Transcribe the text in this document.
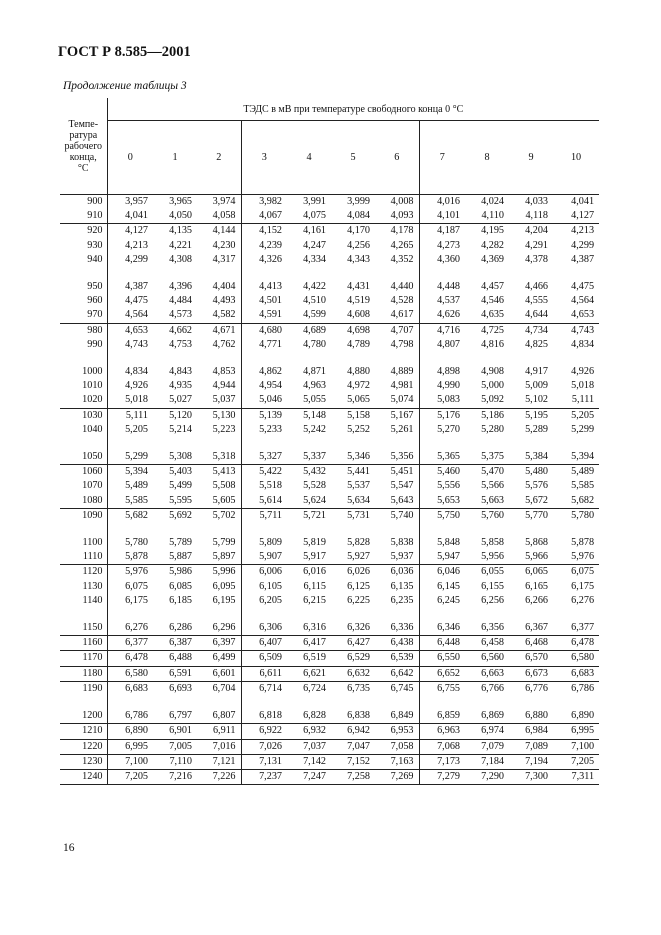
ГОСТ Р 8.585—2001
Продолжение таблицы 3
Темпе-
ратура
рабочего
конца,
°С	ТЭДС в мВ при температуре свободного конца 0 °С										
	0	1	2	3	4	5	6	7	8	9	10
900	3,957	3,965	3,974	3,982	3,991	3,999	4,008	4,016	4,024	4,033	4,041
910	4,041	4,050	4,058	4,067	4,075	4,084	4,093	4,101	4,110	4,118	4,127
920	4,127	4,135	4,144	4,152	4,161	4,170	4,178	4,187	4,195	4,204	4,213
930	4,213	4,221	4,230	4,239	4,247	4,256	4,265	4,273	4,282	4,291	4,299
940	4,299	4,308	4,317	4,326	4,334	4,343	4,352	4,360	4,369	4,378	4,387

950	4,387	4,396	4,404	4,413	4,422	4,431	4,440	4,448	4,457	4,466	4,475
960	4,475	4,484	4,493	4,501	4,510	4,519	4,528	4,537	4,546	4,555	4,564
970	4,564	4,573	4,582	4,591	4,599	4,608	4,617	4,626	4,635	4,644	4,653
980	4,653	4,662	4,671	4,680	4,689	4,698	4,707	4,716	4,725	4,734	4,743
990	4,743	4,753	4,762	4,771	4,780	4,789	4,798	4,807	4,816	4,825	4,834

1000	4,834	4,843	4,853	4,862	4,871	4,880	4,889	4,898	4,908	4,917	4,926
1010	4,926	4,935	4,944	4,954	4,963	4,972	4,981	4,990	5,000	5,009	5,018
1020	5,018	5,027	5,037	5,046	5,055	5,065	5,074	5,083	5,092	5,102	5,111
1030	5,111	5,120	5,130	5,139	5,148	5,158	5,167	5,176	5,186	5,195	5,205
1040	5,205	5,214	5,223	5,233	5,242	5,252	5,261	5,270	5,280	5,289	5,299

1050	5,299	5,308	5,318	5,327	5,337	5,346	5,356	5,365	5,375	5,384	5,394
1060	5,394	5,403	5,413	5,422	5,432	5,441	5,451	5,460	5,470	5,480	5,489
1070	5,489	5,499	5,508	5,518	5,528	5,537	5,547	5,556	5,566	5,576	5,585
1080	5,585	5,595	5,605	5,614	5,624	5,634	5,643	5,653	5,663	5,672	5,682
1090	5,682	5,692	5,702	5,711	5,721	5,731	5,740	5,750	5,760	5,770	5,780

1100	5,780	5,789	5,799	5,809	5,819	5,828	5,838	5,848	5,858	5,868	5,878
1110	5,878	5,887	5,897	5,907	5,917	5,927	5,937	5,947	5,956	5,966	5,976
1120	5,976	5,986	5,996	6,006	6,016	6,026	6,036	6,046	6,055	6,065	6,075
1130	6,075	6,085	6,095	6,105	6,115	6,125	6,135	6,145	6,155	6,165	6,175
1140	6,175	6,185	6,195	6,205	6,215	6,225	6,235	6,245	6,256	6,266	6,276

1150	6,276	6,286	6,296	6,306	6,316	6,326	6,336	6,346	6,356	6,367	6,377
1160	6,377	6,387	6,397	6,407	6,417	6,427	6,438	6,448	6,458	6,468	6,478
1170	6,478	6,488	6,499	6,509	6,519	6,529	6,539	6,550	6,560	6,570	6,580
1180	6,580	6,591	6,601	6,611	6,621	6,632	6,642	6,652	6,663	6,673	6,683
1190	6,683	6,693	6,704	6,714	6,724	6,735	6,745	6,755	6,766	6,776	6,786

1200	6,786	6,797	6,807	6,818	6,828	6,838	6,849	6,859	6,869	6,880	6,890
1210	6,890	6,901	6,911	6,922	6,932	6,942	6,953	6,963	6,974	6,984	6,995
1220	6,995	7,005	7,016	7,026	7,037	7,047	7,058	7,068	7,079	7,089	7,100
1230	7,100	7,110	7,121	7,131	7,142	7,152	7,163	7,173	7,184	7,194	7,205
1240	7,205	7,216	7,226	7,237	7,247	7,258	7,269	7,279	7,290	7,300	7,311
16
